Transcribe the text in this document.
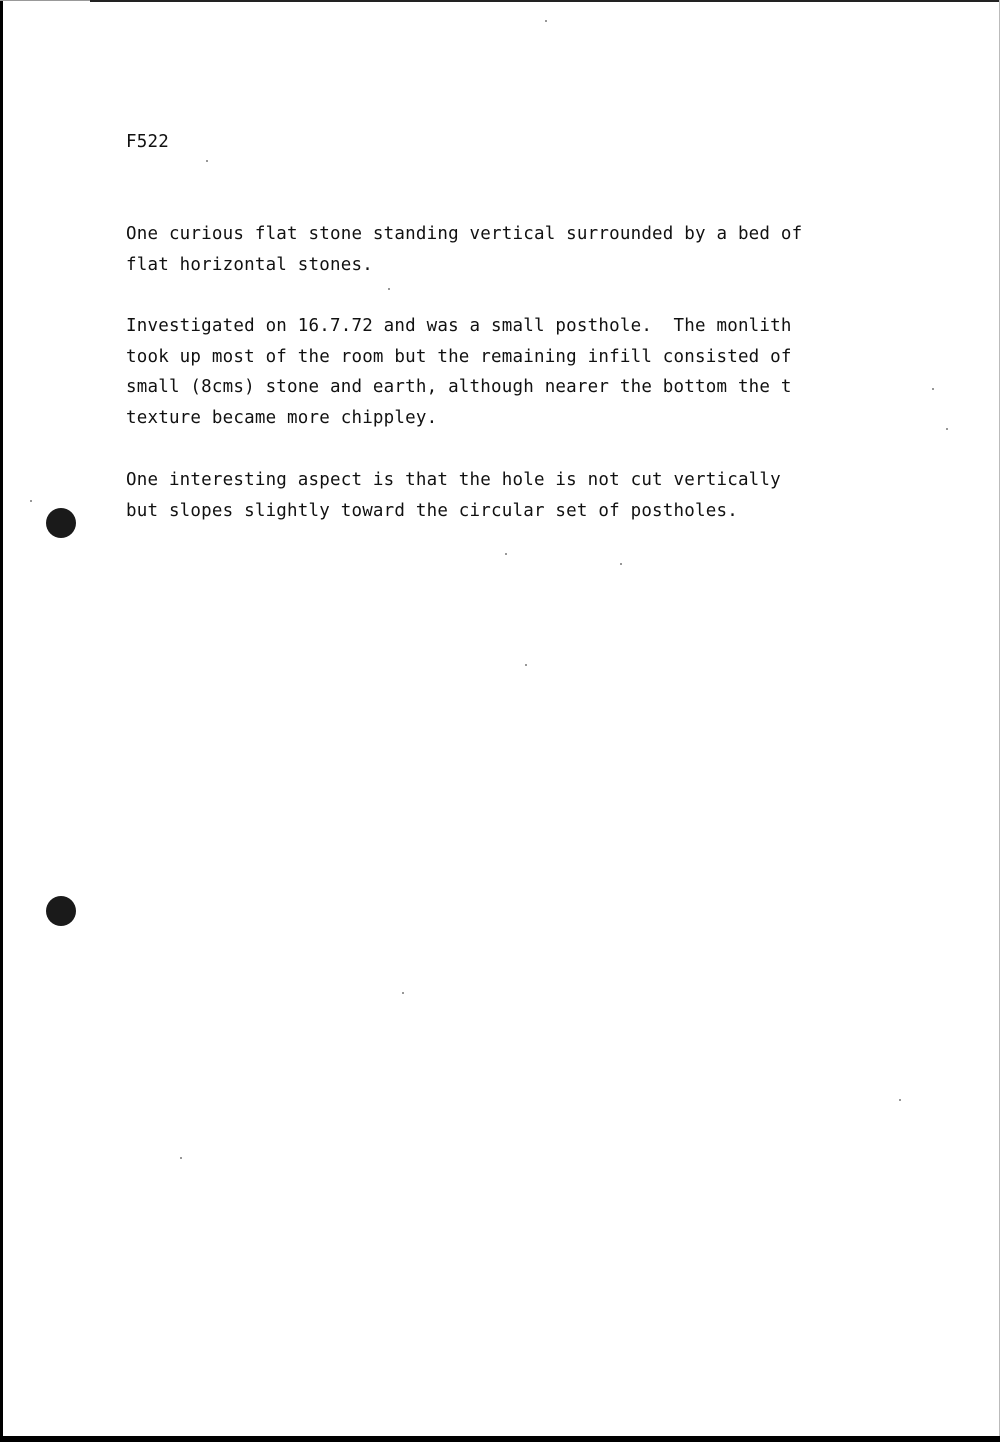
F522
One curious flat stone standing vertical surrounded by a bed of
flat horizontal stones.
Investigated on 16.7.72 and was a small posthole.  The monlith
took up most of the room but the remaining infill consisted of
small (8cms) stone and earth, although nearer the bottom the t
texture became more chippley.
One interesting aspect is that the hole is not cut vertically
but slopes slightly toward the circular set of postholes.
